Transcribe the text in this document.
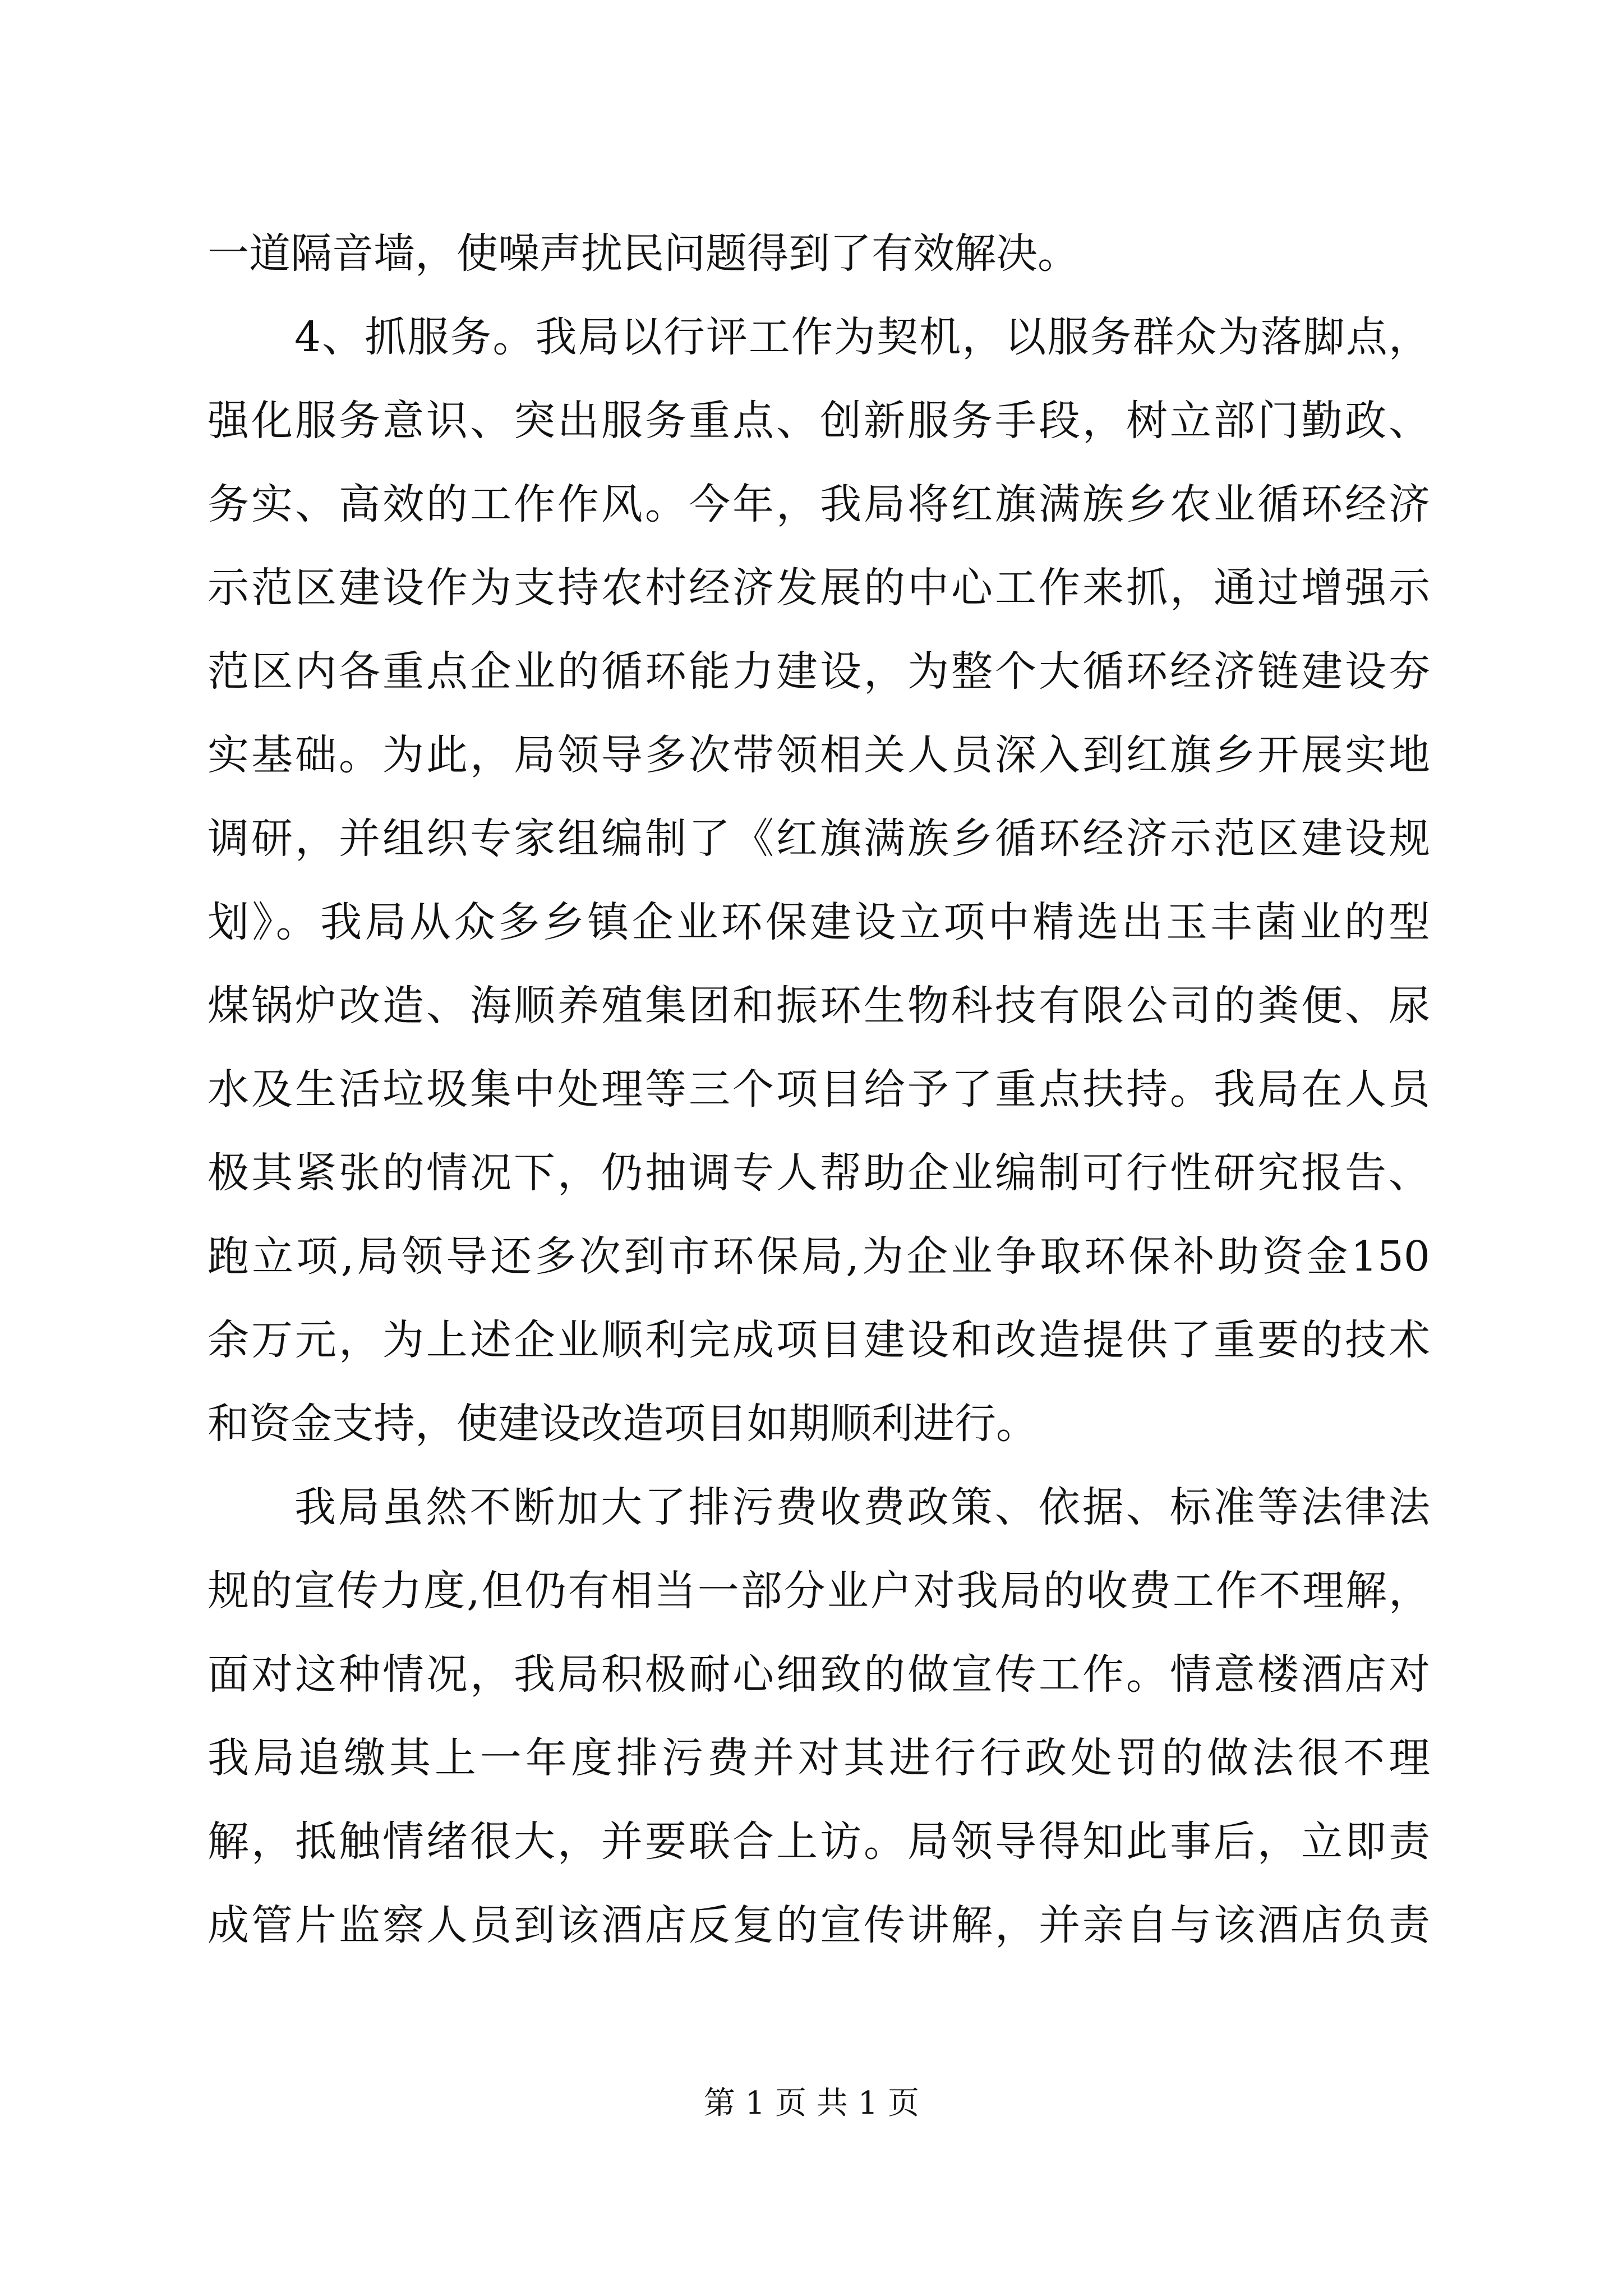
一道隔音墙，使噪声扰民问题得到了有效解决。
4、抓服务。我局以行评工作为契机，以服务群众为落脚点，
强化服务意识、突出服务重点、创新服务手段，树立部门勤政、
务实、高效的工作作风。今年，我局将红旗满族乡农业循环经济
示范区建设作为支持农村经济发展的中心工作来抓，通过增强示
范区内各重点企业的循环能力建设，为整个大循环经济链建设夯
实基础。为此，局领导多次带领相关人员深入到红旗乡开展实地
调研，并组织专家组编制了《红旗满族乡循环经济示范区建设规
划》。我局从众多乡镇企业环保建设立项中精选出玉丰菌业的型
煤锅炉改造、海顺养殖集团和振环生物科技有限公司的粪便、尿
水及生活垃圾集中处理等三个项目给予了重点扶持。我局在人员
极其紧张的情况下，仍抽调专人帮助企业编制可行性研究报告、
跑立项,局领导还多次到市环保局,为企业争取环保补助资金150
余万元，为上述企业顺利完成项目建设和改造提供了重要的技术
和资金支持，使建设改造项目如期顺利进行。
我局虽然不断加大了排污费收费政策、依据、标准等法律法
规的宣传力度,但仍有相当一部分业户对我局的收费工作不理解，
面对这种情况，我局积极耐心细致的做宣传工作。情意楼酒店对
我局追缴其上一年度排污费并对其进行行政处罚的做法很不理
解，抵触情绪很大，并要联合上访。局领导得知此事后，立即责
成管片监察人员到该酒店反复的宣传讲解，并亲自与该酒店负责
第 1 页 共 1 页
